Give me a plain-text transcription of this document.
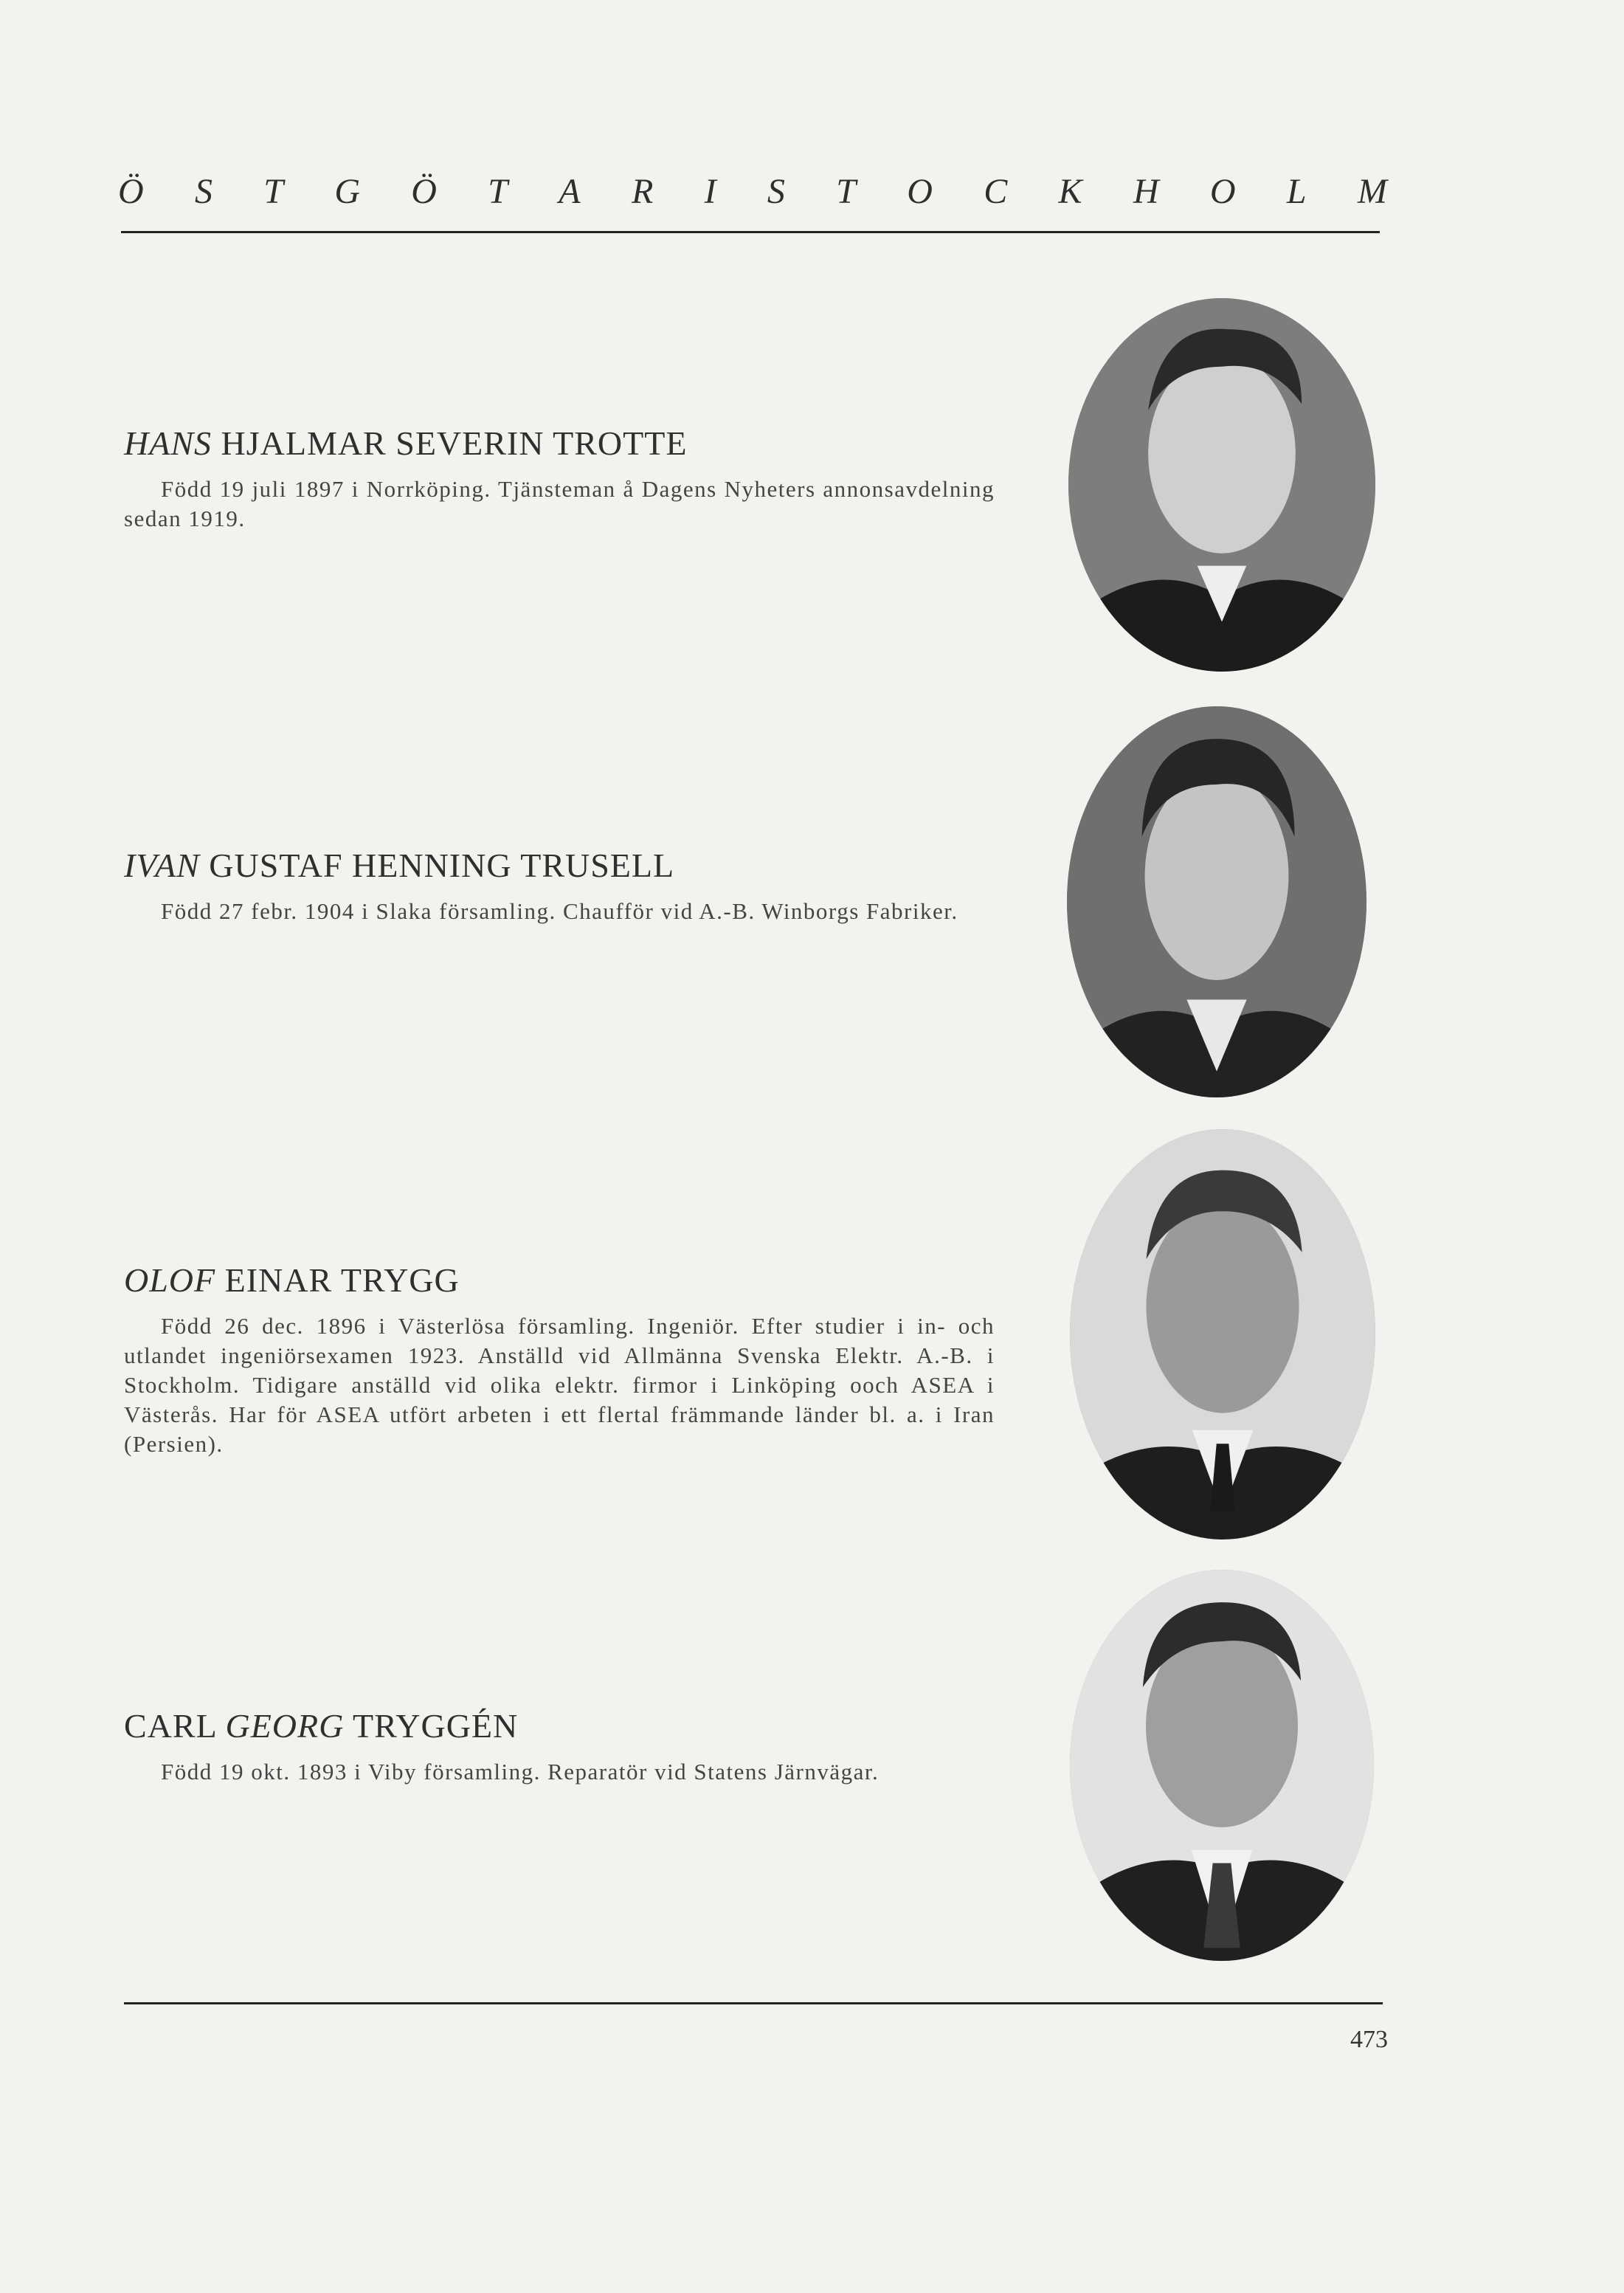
Ö S T G Ö T A R I S T O C K H O L M

HANS HJALMAR SEVERIN TROTTE

Född 19 juli 1897 i Norrköping. Tjänsteman å Dagens Nyheters annonsavdelning sedan 1919.

IVAN GUSTAF HENNING TRUSELL

Född 27 febr. 1904 i Slaka församling. Chaufför vid A.-B. Winborgs Fabriker.

OLOF EINAR TRYGG

Född 26 dec. 1896 i Västerlösa församling. Ingeniör. Efter studier i in- och utlandet ingeniörsexamen 1923. Anställd vid Allmänna Svenska Elektr. A.-B. i Stockholm. Tidigare anställd vid olika elektr. firmor i Linköping ooch ASEA i Västerås. Har för ASEA utfört arbeten i ett flertal främmande länder bl. a. i Iran (Persien).

CARL GEORG TRYGGÉN

Född 19 okt. 1893 i Viby församling. Reparatör vid Statens Järnvägar.

473
